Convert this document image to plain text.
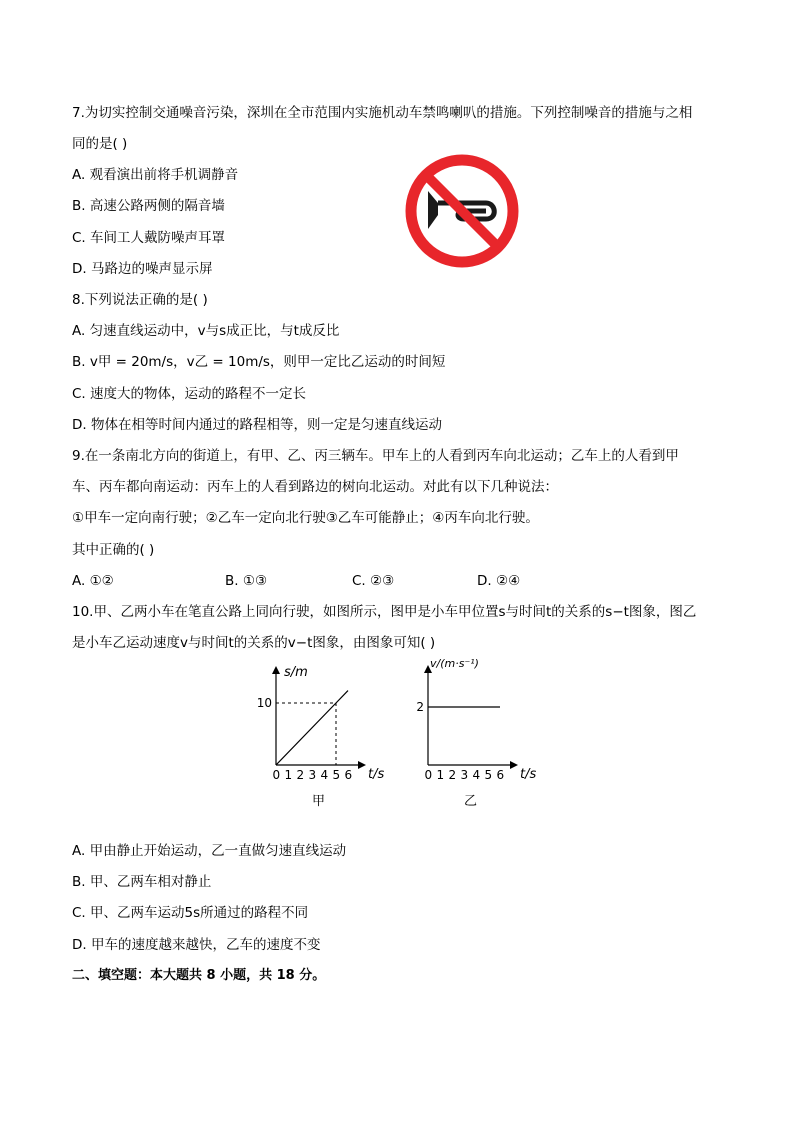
7.为切实控制交通噪音污染，深圳在全市范围内实施机动车禁鸣喇叭的措施。下列控制噪音的措施与之相
同的是( )
A. 观看演出前将手机调静音
B. 高速公路两侧的隔音墙
C. 车间工人戴防噪声耳罩
D. 马路边的噪声显示屏
8.下列说法正确的是( )
A. 匀速直线运动中，v与s成正比，与t成反比
B. v甲 = 20m/s，v乙 = 10m/s，则甲一定比乙运动的时间短
C. 速度大的物体，运动的路程不一定长
D. 物体在相等时间内通过的路程相等，则一定是匀速直线运动
9.在一条南北方向的街道上，有甲、乙、丙三辆车。甲车上的人看到丙车向北运动；乙车上的人看到甲
车、丙车都向南运动：丙车上的人看到路边的树向北运动。对此有以下几种说法：
①甲车一定向南行驶；②乙车一定向北行驶③乙车可能静止；④丙车向北行驶。
其中正确的( )
A. ①②	B. ①③	C. ②③	D. ②④
10.甲、乙两小车在笔直公路上同向行驶，如图所示，图甲是小车甲位置s与时间t的关系的s−t图象，图乙
是小车乙运动速度v与时间t的关系的v−t图象，由图象可知( )
0 1 2 3 4 5 6
10
s/m
t/s
甲
0 1 2 3 4 5 6
2
v/(m·s⁻¹)
t/s
乙
A. 甲由静止开始运动，乙一直做匀速直线运动
B. 甲、乙两车相对静止
C. 甲、乙两车运动5s所通过的路程不同
D. 甲车的速度越来越快，乙车的速度不变
二、填空题：本大题共 8 小题，共 18 分。
